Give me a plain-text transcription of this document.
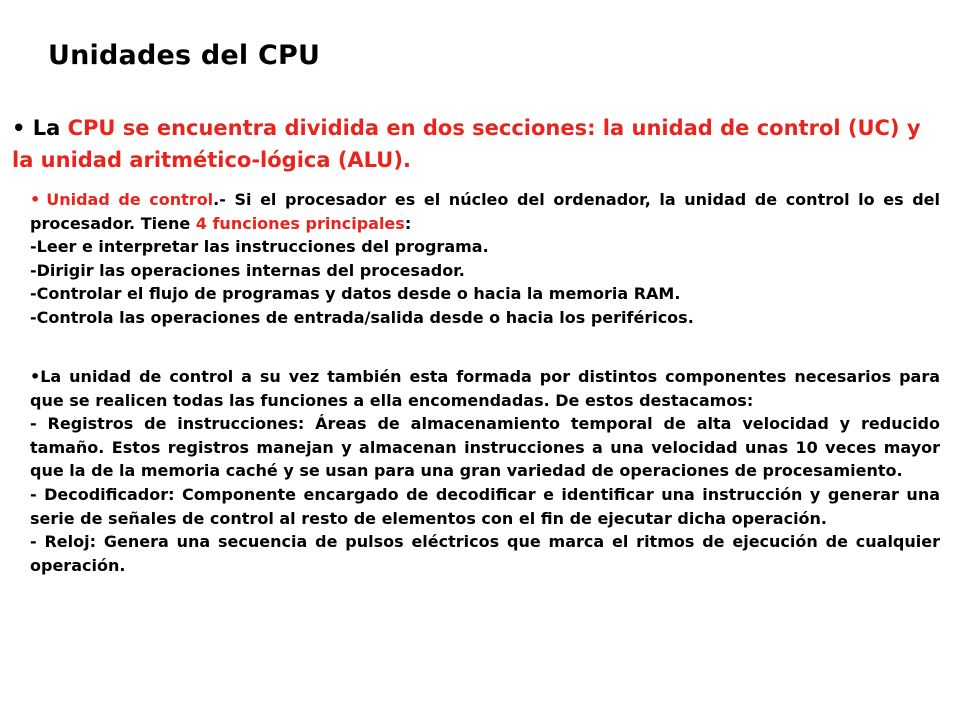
Unidades del CPU

• La CPU se encuentra dividida en dos secciones: la unidad de control (UC) y la unidad aritmético-lógica (ALU).

• Unidad de control.- Si el procesador es el núcleo del ordenador, la unidad de control lo es del procesador. Tiene 4 funciones principales:

-Leer e interpretar las instrucciones del programa.
-Dirigir las operaciones internas del procesador.
-Controlar el flujo de programas y datos desde o hacia la memoria RAM.
-Controla las operaciones de entrada/salida desde o hacia los periféricos.

•La unidad de control a su vez también esta formada por distintos componentes necesarios para que se realicen todas las funciones a ella encomendadas. De estos destacamos:

- Registros de instrucciones: Áreas de almacenamiento temporal de alta velocidad y reducido tamaño. Estos registros manejan y almacenan instrucciones a una velocidad unas 10 veces mayor que la de la memoria caché y se usan para una gran variedad de operaciones de procesamiento.

- Decodificador: Componente encargado de decodificar e identificar una instrucción y generar una serie de señales de control al resto de elementos con el fin de ejecutar dicha operación.

- Reloj: Genera una secuencia de pulsos eléctricos que marca el ritmos de ejecución de cualquier operación.
